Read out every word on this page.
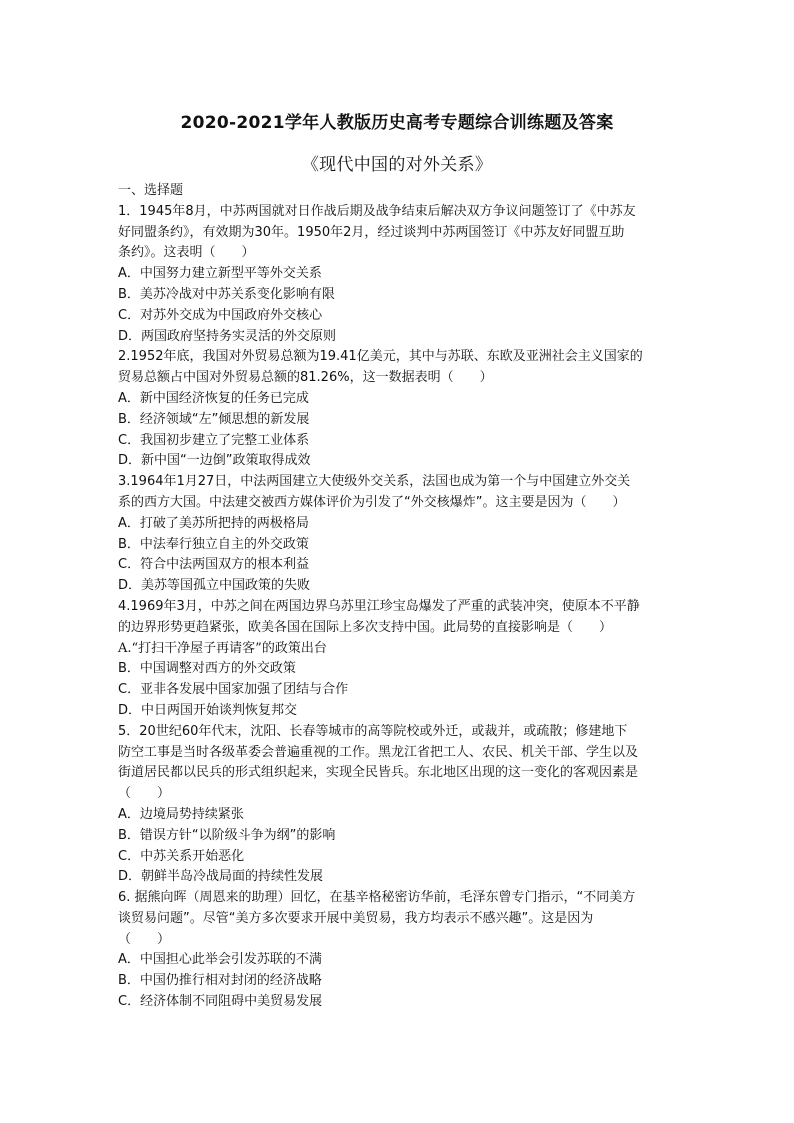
2020-2021学年人教版历史高考专题综合训练题及答案
《现代中国的对外关系》
一、选择题
1．1945年8月，中苏两国就对日作战后期及战争结束后解决双方争议问题签订了《中苏友
好同盟条约》，有效期为30年。1950年2月，经过谈判中苏两国签订《中苏友好同盟互助
条约》。这表明（　　）
A．中国努力建立新型平等外交关系
B．美苏冷战对中苏关系变化影响有限
C．对苏外交成为中国政府外交核心
D．两国政府坚持务实灵活的外交原则
2.1952年底，我国对外贸易总额为19.41亿美元，其中与苏联、东欧及亚洲社会主义国家的
贸易总额占中国对外贸易总额的81.26%，这一数据表明（　　）
A．新中国经济恢复的任务已完成
B．经济领域“左”倾思想的新发展
C．我国初步建立了完整工业体系
D．新中国“一边倒”政策取得成效
3.1964年1月27日，中法两国建立大使级外交关系，法国也成为第一个与中国建立外交关
系的西方大国。中法建交被西方媒体评价为引发了“外交核爆炸”。这主要是因为（　　）
A．打破了美苏所把持的两极格局
B．中法奉行独立自主的外交政策
C．符合中法两国双方的根本利益
D．美苏等国孤立中国政策的失败
4.1969年3月，中苏之间在两国边界乌苏里江珍宝岛爆发了严重的武装冲突，使原本不平静
的边界形势更趋紧张，欧美各国在国际上多次支持中国。此局势的直接影响是（　　）
A.“打扫干净屋子再请客”的政策出台
B．中国调整对西方的外交政策
C．亚非各发展中国家加强了团结与合作
D．中日两国开始谈判恢复邦交
5．20世纪60年代末，沈阳、长春等城市的高等院校或外迁，或裁并，或疏散；修建地下
防空工事是当时各级革委会普遍重视的工作。黑龙江省把工人、农民、机关干部、学生以及
街道居民都以民兵的形式组织起来，实现全民皆兵。东北地区出现的这一变化的客观因素是
（　　）
A．边境局势持续紧张
B．错误方针“以阶级斗争为纲”的影响
C．中苏关系开始恶化
D．朝鲜半岛冷战局面的持续性发展
6. 据熊向晖（周恩来的助理）回忆，在基辛格秘密访华前，毛泽东曾专门指示，“不同美方
谈贸易问题”。尽管“美方多次要求开展中美贸易，我方均表示不感兴趣”。这是因为
（　　）
A．中国担心此举会引发苏联的不满
B．中国仍推行相对封闭的经济战略
C．经济体制不同阻碍中美贸易发展
